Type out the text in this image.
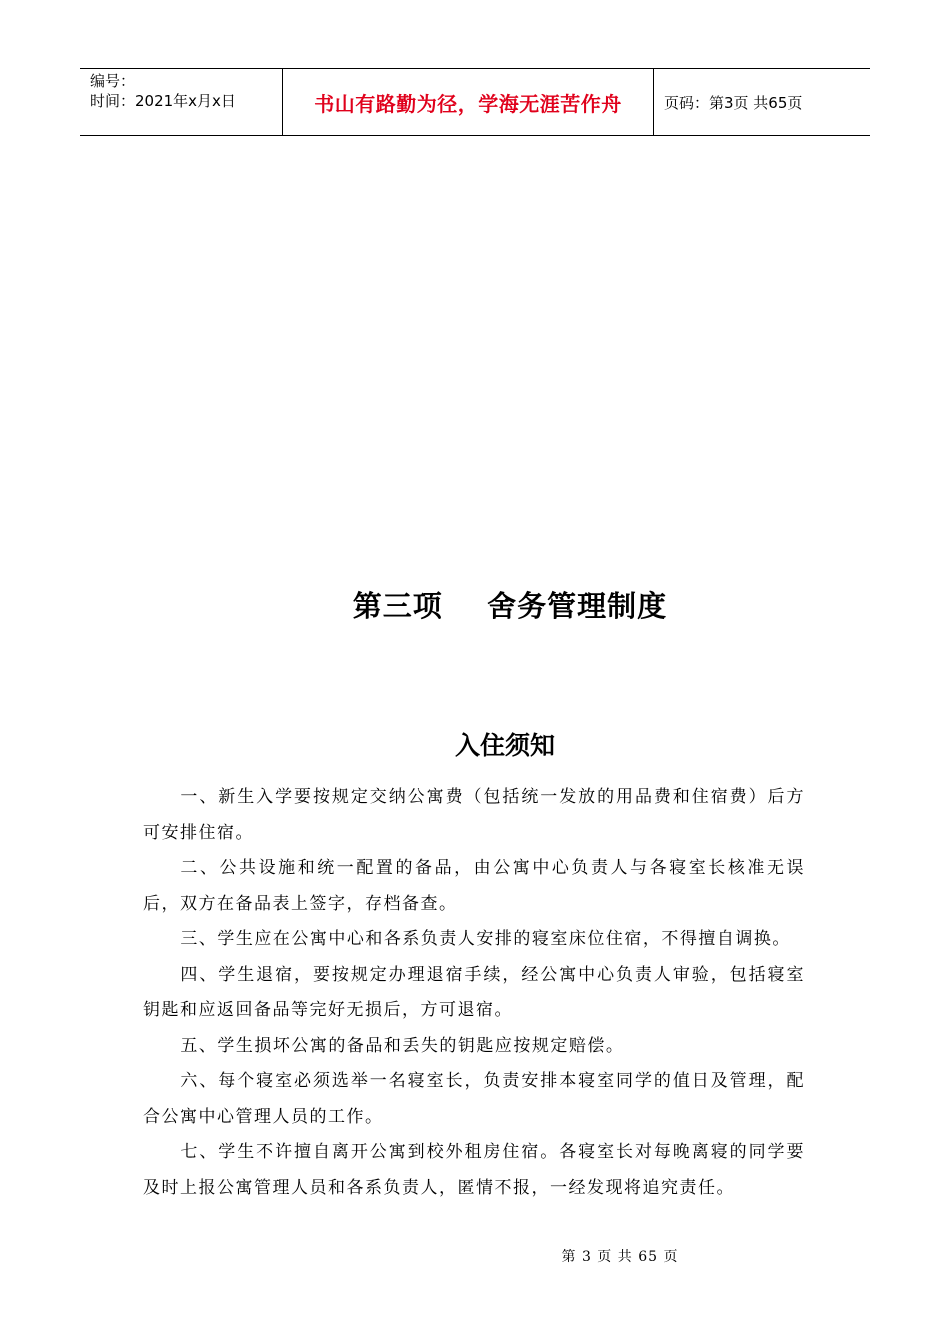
编号：
时间：2021年x月x日	书山有路勤为径，学海无涯苦作舟	页码：第3页 共65页
第三项    舍务管理制度
入住须知

一、新生入学要按规定交纳公寓费（包括统一发放的用品费和住宿费）后方可安排住宿。

二、公共设施和统一配置的备品，由公寓中心负责人与各寝室长核准无误后，双方在备品表上签字，存档备查。

三、学生应在公寓中心和各系负责人安排的寝室床位住宿，不得擅自调换。

四、学生退宿，要按规定办理退宿手续，经公寓中心负责人审验，包括寝室钥匙和应返回备品等完好无损后，方可退宿。

五、学生损坏公寓的备品和丢失的钥匙应按规定赔偿。

六、每个寝室必须选举一名寝室长，负责安排本寝室同学的值日及管理，配合公寓中心管理人员的工作。

七、学生不许擅自离开公寓到校外租房住宿。各寝室长对每晚离寝的同学要及时上报公寓管理人员和各系负责人，匿情不报，一经发现将追究责任。

第 3 页 共 65 页
